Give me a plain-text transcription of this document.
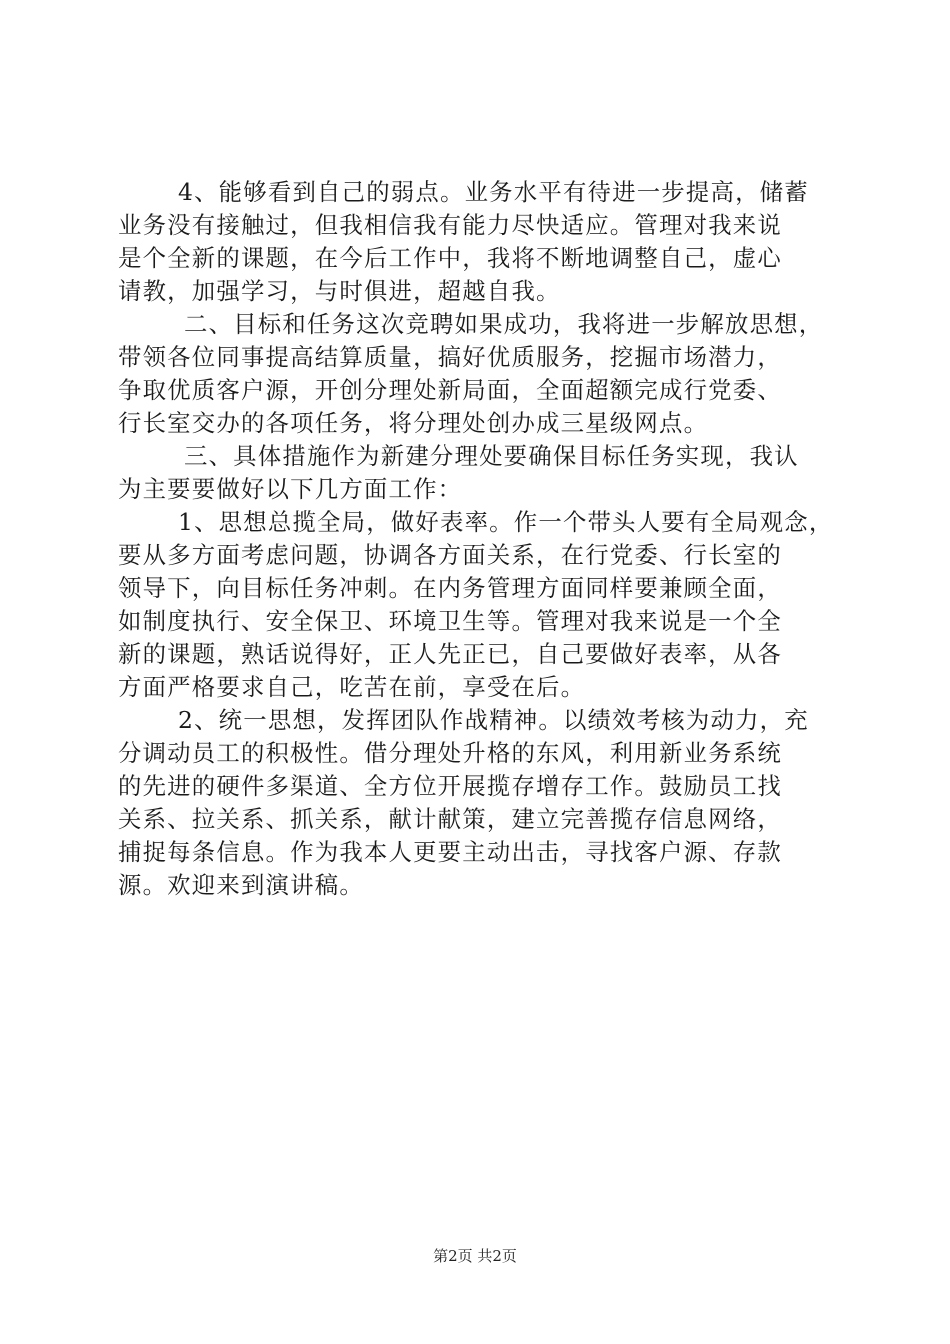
4、能够看到自己的弱点。业务水平有待进一步提高，储蓄
业务没有接触过，但我相信我有能力尽快适应。管理对我来说
是个全新的课题，在今后工作中，我将不断地调整自己，虚心
请教，加强学习，与时俱进，超越自我。
二、目标和任务这次竞聘如果成功，我将进一步解放思想，
带领各位同事提高结算质量，搞好优质服务，挖掘市场潜力，
争取优质客户源，开创分理处新局面，全面超额完成行党委、
行长室交办的各项任务，将分理处创办成三星级网点。
三、具体措施作为新建分理处要确保目标任务实现，我认
为主要要做好以下几方面工作：
1、思想总揽全局，做好表率。作一个带头人要有全局观念，
要从多方面考虑问题，协调各方面关系，在行党委、行长室的
领导下，向目标任务冲刺。在内务管理方面同样要兼顾全面，
如制度执行、安全保卫、环境卫生等。管理对我来说是一个全
新的课题，熟话说得好，正人先正已，自己要做好表率，从各
方面严格要求自己，吃苦在前，享受在后。
2、统一思想，发挥团队作战精神。以绩效考核为动力，充
分调动员工的积极性。借分理处升格的东风，利用新业务系统
的先进的硬件多渠道、全方位开展揽存增存工作。鼓励员工找
关系、拉关系、抓关系，献计献策，建立完善揽存信息网络，
捕捉每条信息。作为我本人更要主动出击，寻找客户源、存款
源。欢迎来到演讲稿。
第2页 共2页
